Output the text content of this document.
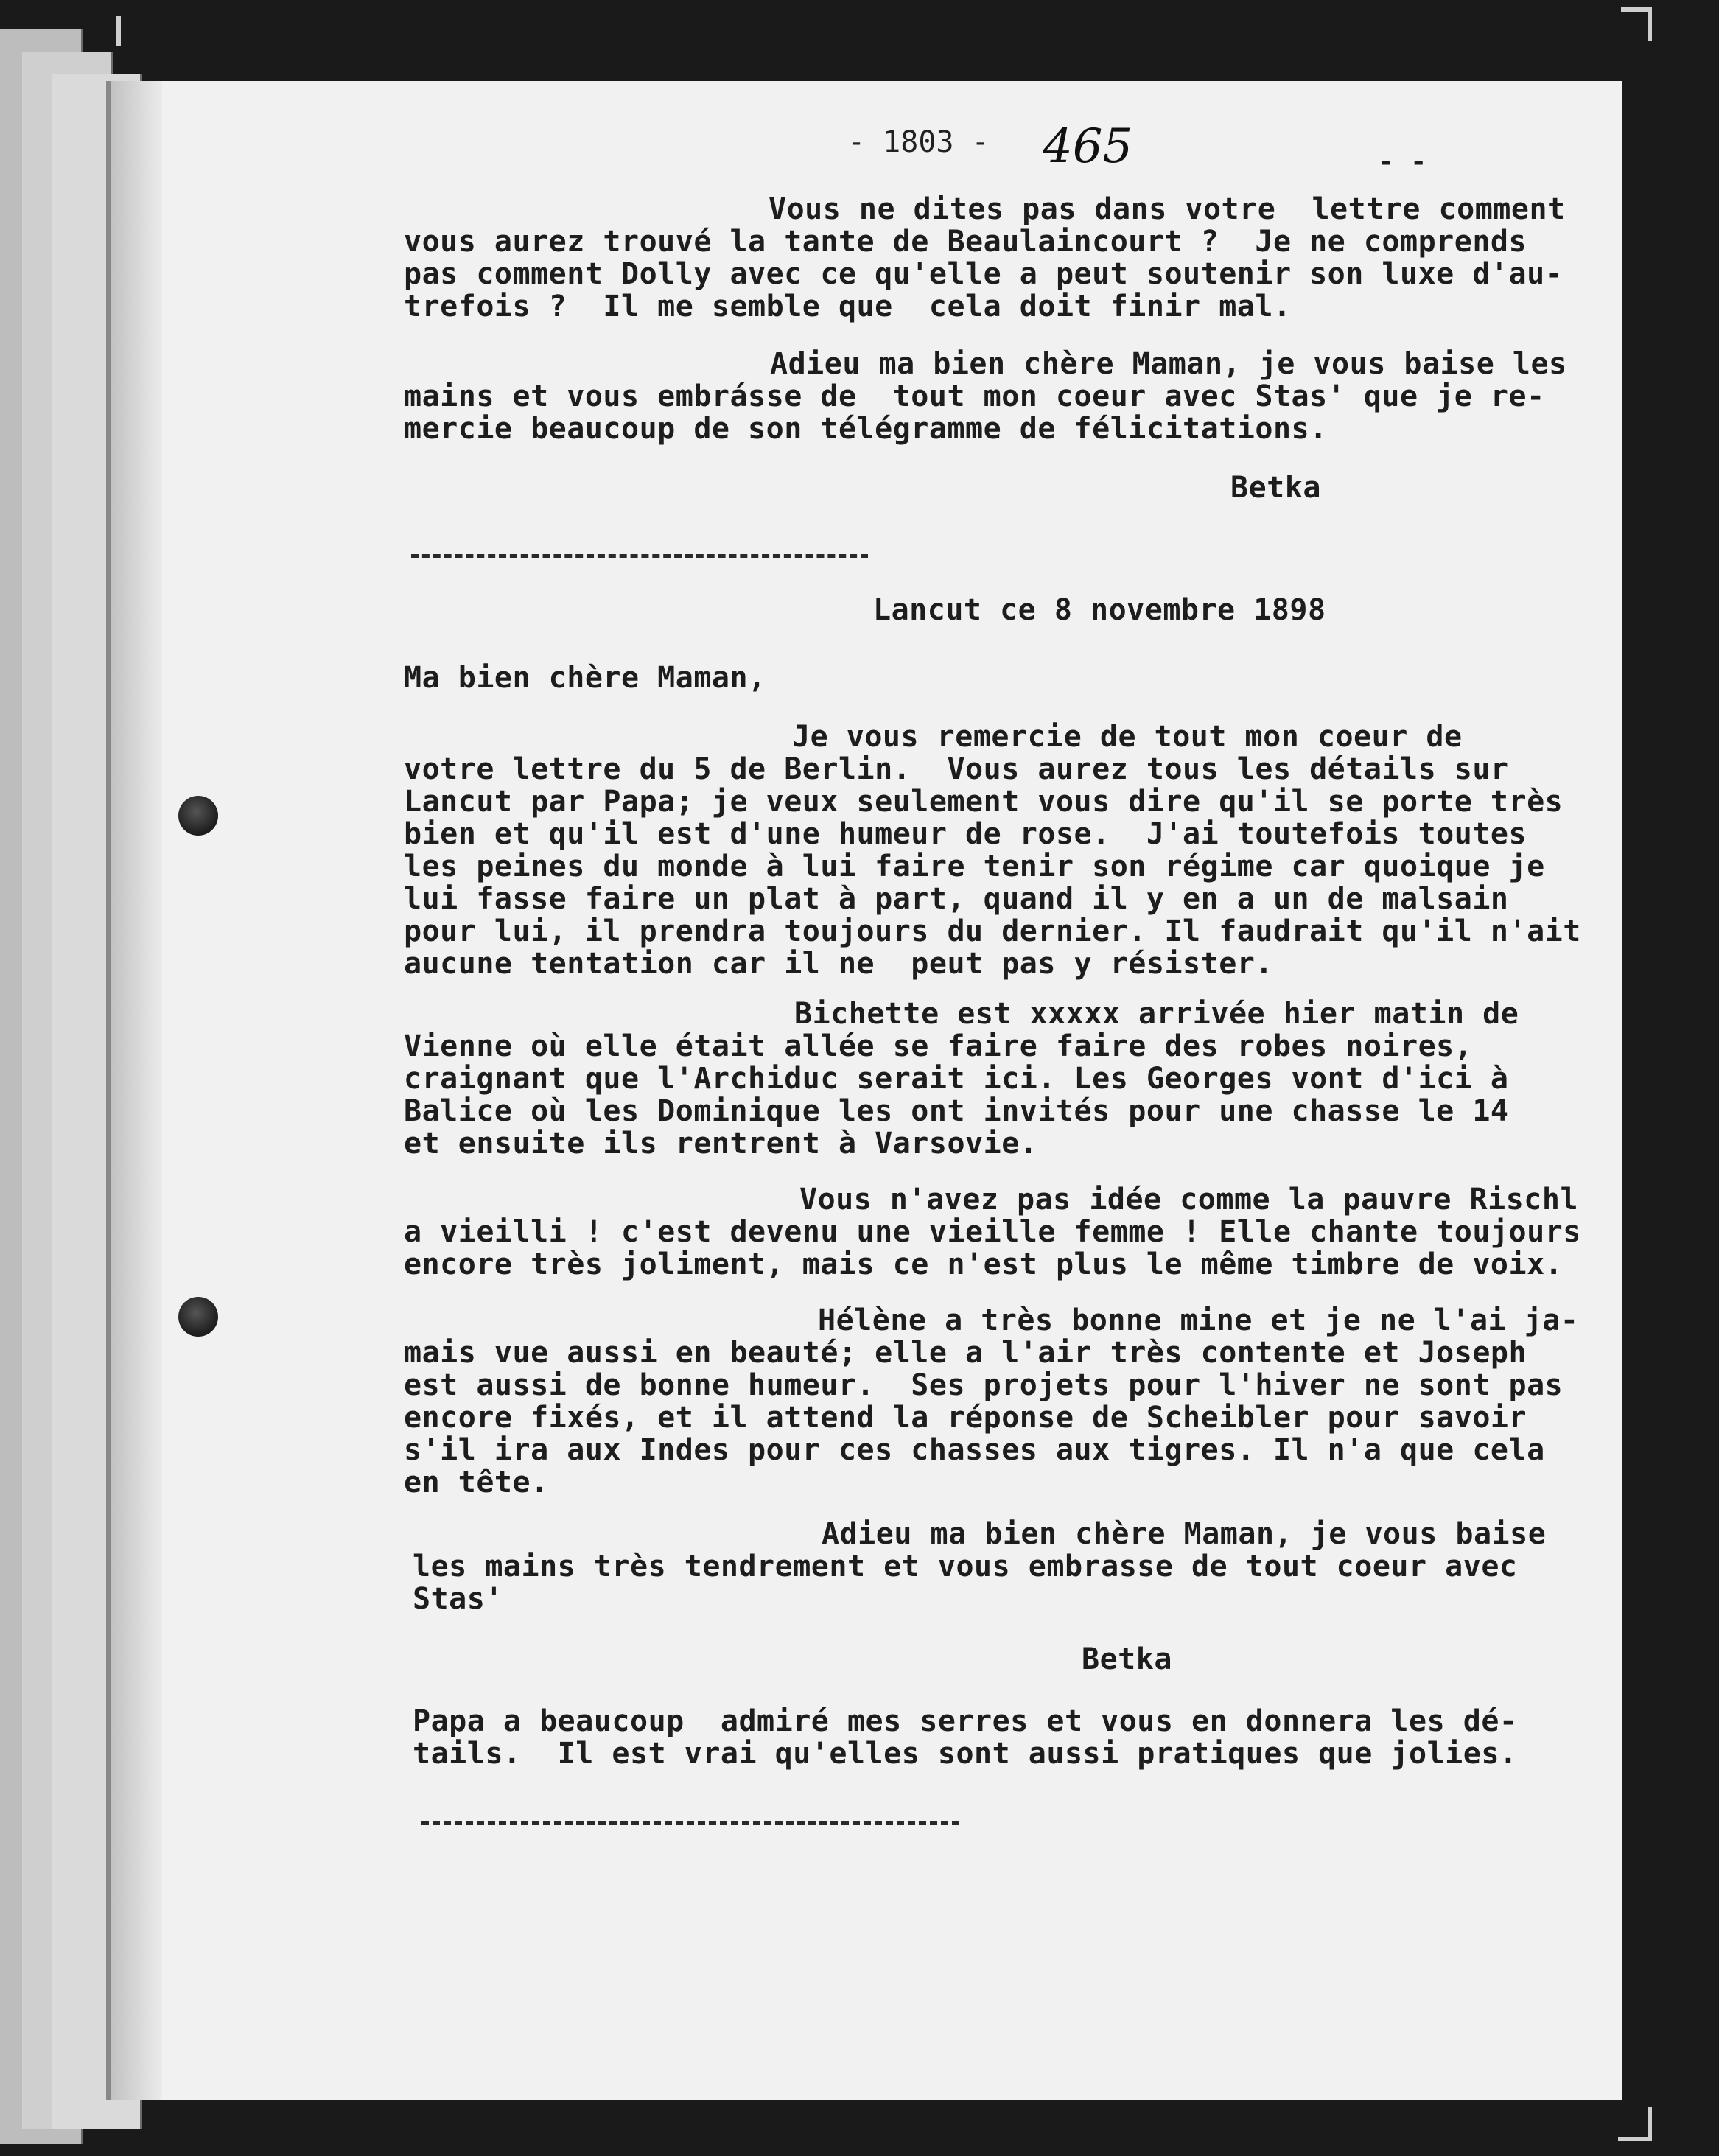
- 1803 - 465	- -
Vous ne dites pas dans votre  lettre comment
vous aurez trouvé la tante de Beaulaincourt ?  Je ne comprends
pas comment Dolly avec ce qu'elle a peut soutenir son luxe d'au-
trefois ?  Il me semble que  cela doit finir mal.
Adieu ma bien chère Maman, je vous baise les
mains et vous embrásse de  tout mon coeur avec Stas' que je re-
mercie beaucoup de son télégramme de félicitations.
Betka
Lancut ce 8 novembre 1898
Ma bien chère Maman,
Je vous remercie de tout mon coeur de
votre lettre du 5 de Berlin.  Vous aurez tous les détails sur
Lancut par Papa; je veux seulement vous dire qu'il se porte très
bien et qu'il est d'une humeur de rose.  J'ai toutefois toutes
les peines du monde à lui faire tenir son régime car quoique je
lui fasse faire un plat à part, quand il y en a un de malsain
pour lui, il prendra toujours du dernier. Il faudrait qu'il n'ait
aucune tentation car il ne  peut pas y résister.
Bichette est xxxxx arrivée hier matin de
Vienne où elle était allée se faire faire des robes noires,
craignant que l'Archiduc serait ici. Les Georges vont d'ici à
Balice où les Dominique les ont invités pour une chasse le 14
et ensuite ils rentrent à Varsovie.
Vous n'avez pas idée comme la pauvre Rischl
a vieilli ! c'est devenu une vieille femme ! Elle chante toujours
encore très joliment, mais ce n'est plus le même timbre de voix.
Hélène a très bonne mine et je ne l'ai ja-
mais vue aussi en beauté; elle a l'air très contente et Joseph
est aussi de bonne humeur.  Ses projets pour l'hiver ne sont pas
encore fixés, et il attend la réponse de Scheibler pour savoir
s'il ira aux Indes pour ces chasses aux tigres. Il n'a que cela
en tête.
Adieu ma bien chère Maman, je vous baise
les mains très tendrement et vous embrasse de tout coeur avec
Stas'
Betka
Papa a beaucoup  admiré mes serres et vous en donnera les dé-
tails.  Il est vrai qu'elles sont aussi pratiques que jolies.
